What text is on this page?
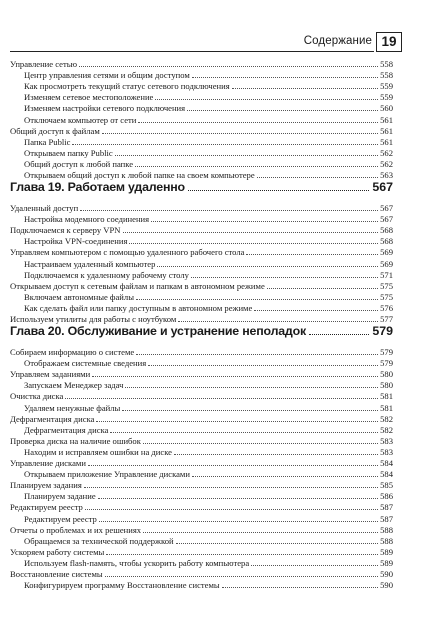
Содержание 19
Управление сетью	558
Центр управления сетями и общим доступом	558
Как просмотреть текущий статус сетевого подключения	559
Изменяем сетевое местоположение	559
Изменяем настройки сетевого подключения	560
Отключаем компьютер от сети	561
Общий доступ к файлам	561
Папка Public	561
Открываем папку Public	562
Общий доступ к любой папке	562
Открываем общий доступ к любой папке на своем компьютере	563
Глава 19. Работаем удаленно	567
Удаленный доступ	567
Настройка модемного соединения	567
Подключаемся к серверу VPN	568
Настройка VPN-соединения	568
Управляем компьютером с помощью удаленного рабочего стола	569
Настраиваем удаленный компьютер	569
Подключаемся к удаленному рабочему столу	571
Открываем доступ к сетевым файлам и папкам в автономном режиме	575
Включаем автономные файлы	575
Как сделать файл или папку доступным в автономном режиме	576
Используем утилиты для работы с ноутбуком	577
Глава 20. Обслуживание и устранение неполадок	579
Собираем информацию о системе	579
Отображаем системные сведения	579
Управляем заданиями	580
Запускаем Менеджер задач	580
Очистка диска	581
Удаляем ненужные файлы	581
Дефрагментация диска	582
Дефрагментация диска	582
Проверка диска на наличие ошибок	583
Находим и исправляем ошибки на диске	583
Управление дисками	584
Открываем приложение Управление дисками	584
Планируем задания	585
Планируем задание	586
Редактируем реестр	587
Редактируем реестр	587
Отчеты о проблемах и их решениях	588
Обращаемся за технической поддержкой	588
Ускоряем работу системы	589
Используем flash-память, чтобы ускорить работу компьютера	589
Восстановление системы	590
Конфигурируем программу Восстановление системы	590
